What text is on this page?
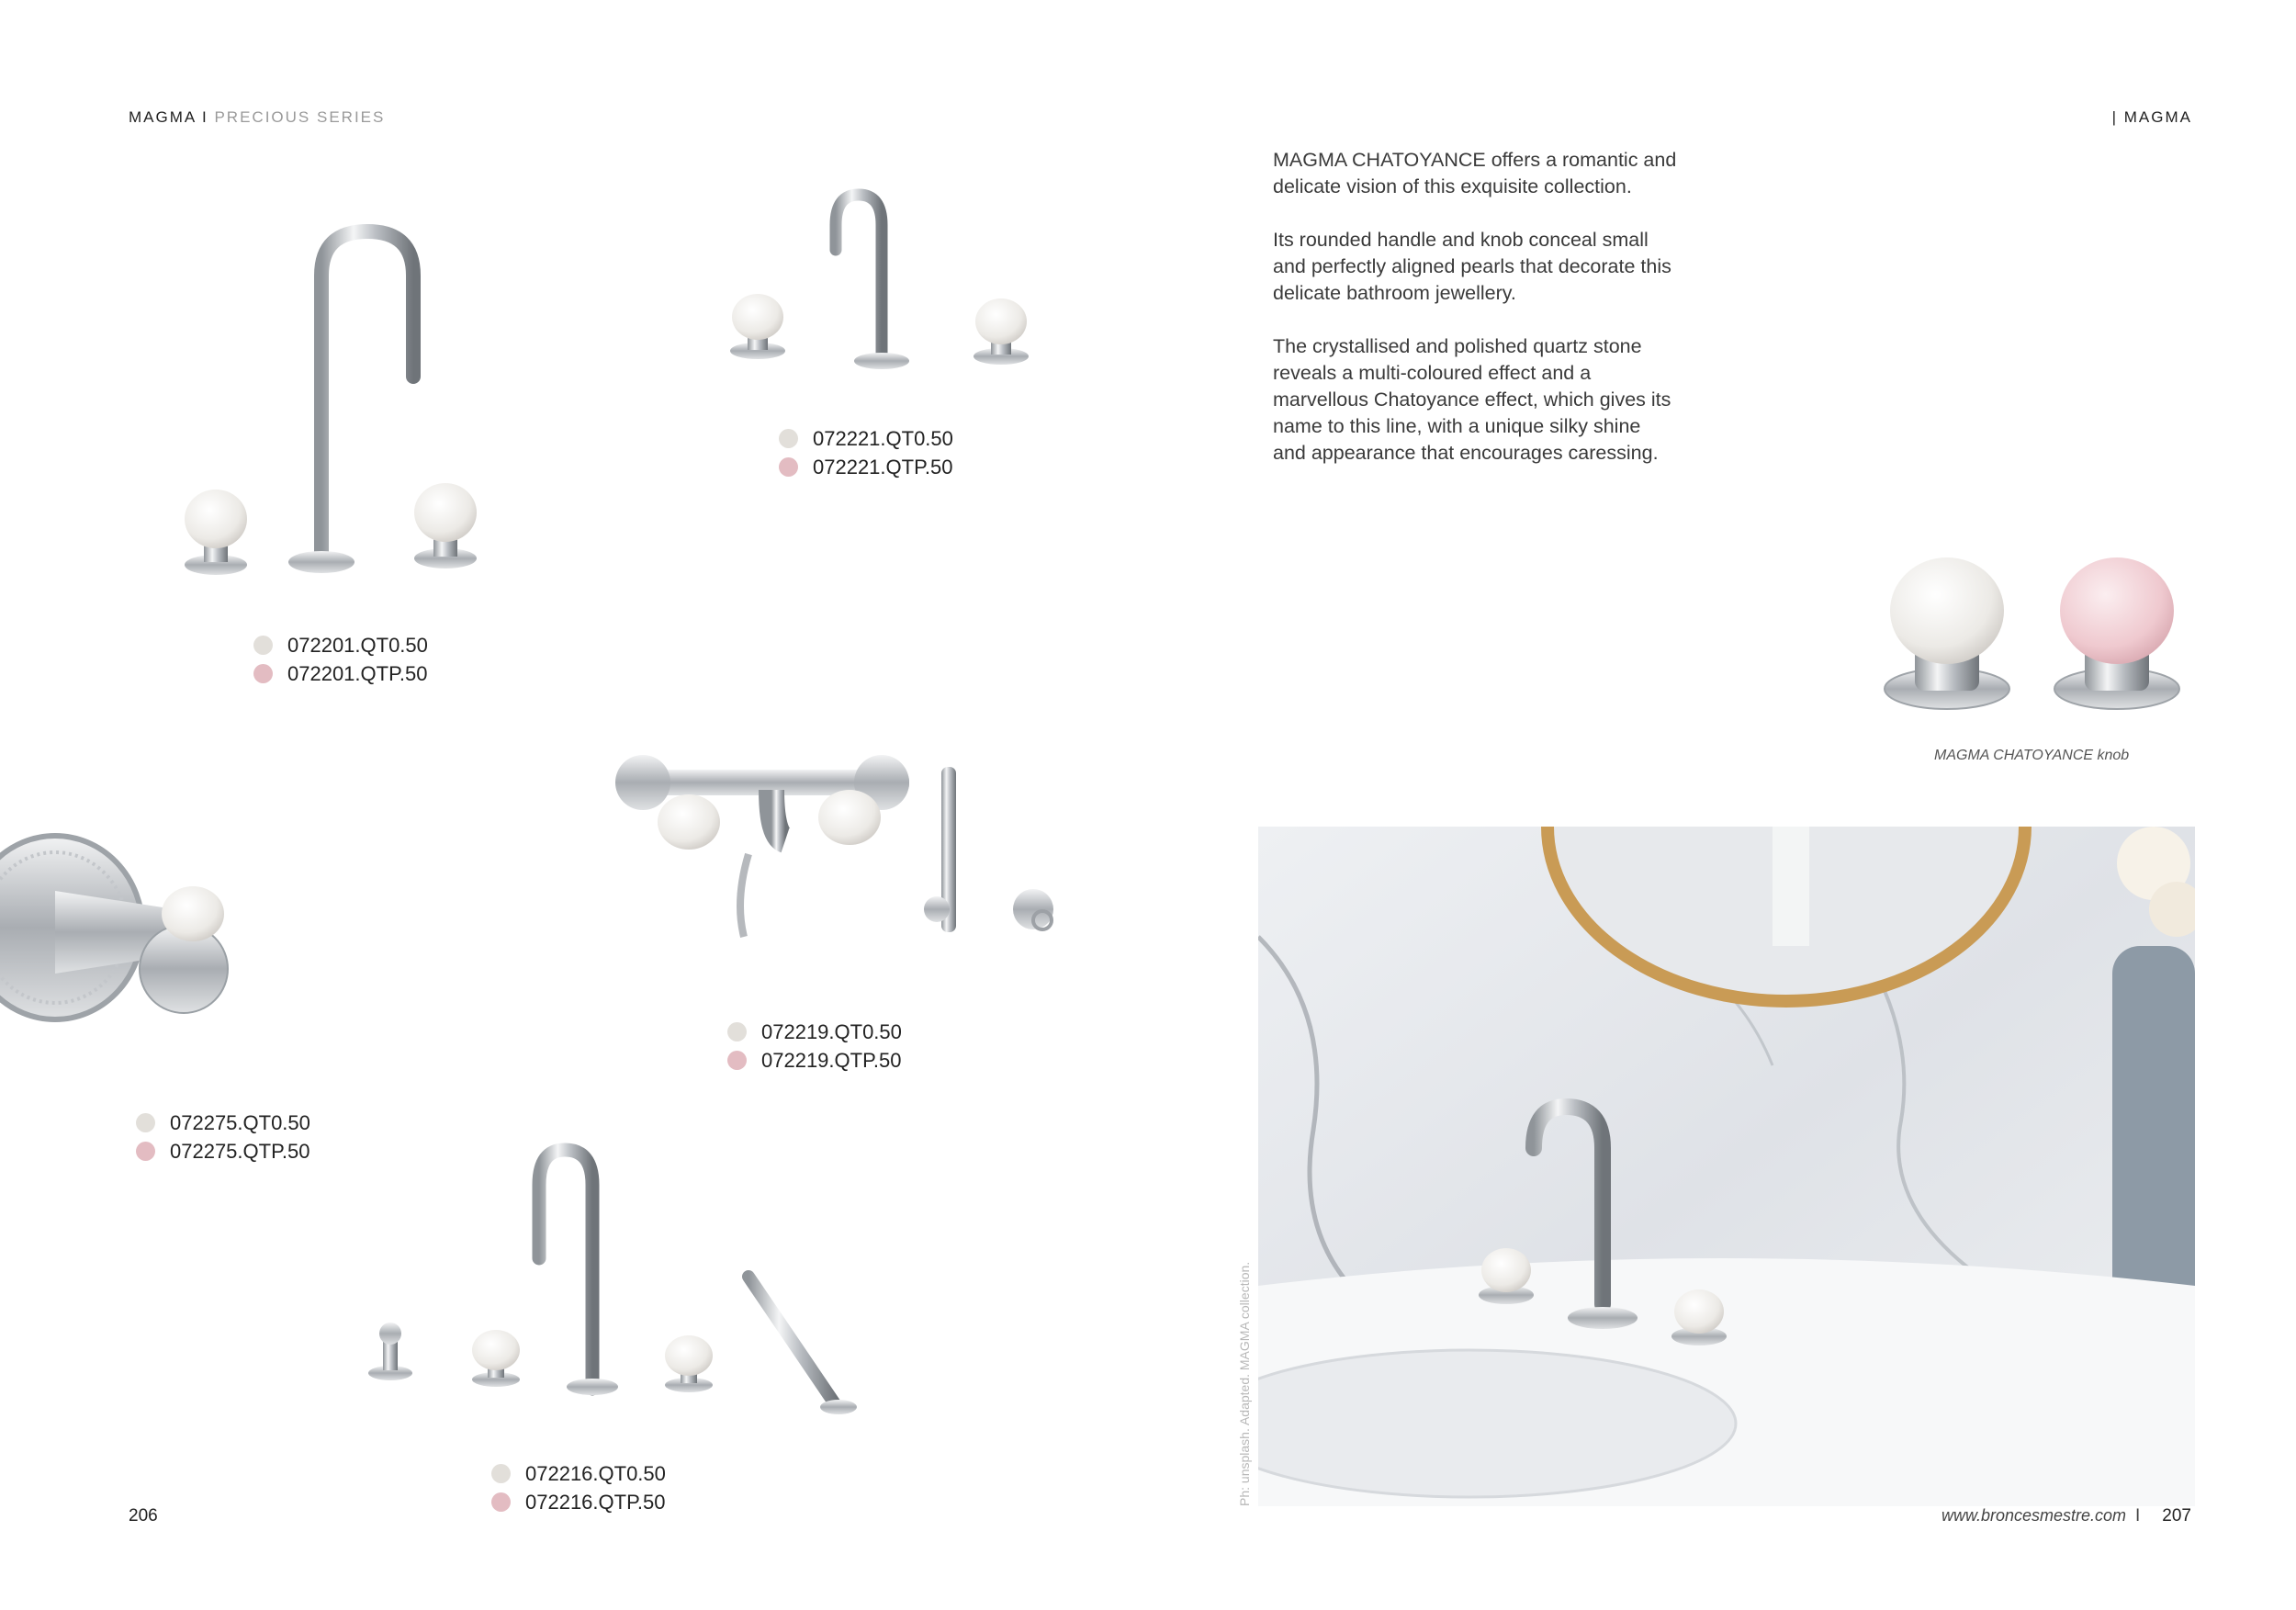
MAGMA I PRECIOUS SERIES	| MAGMA
072201.QT0.50
072201.QTP.50
072221.QT0.50
072221.QTP.50
072219.QT0.50
072219.QTP.50
072275.QT0.50
072275.QTP.50
072216.QT0.50
072216.QTP.50

MAGMA CHATOYANCE offers a romantic and delicate vision of this exquisite collection.

Its rounded handle and knob conceal small and perfectly aligned pearls that decorate this delicate bathroom jewellery.

The crystallised and polished quartz stone reveals a multi-coloured effect and a marvellous Chatoyance effect, which gives its name to this line, with a unique silky shine and appearance that encourages caressing.

MAGMA CHATOYANCE knob
Ph: unsplash. Adapted. MAGMA collection.
206	www.broncesmestre.com I 207
